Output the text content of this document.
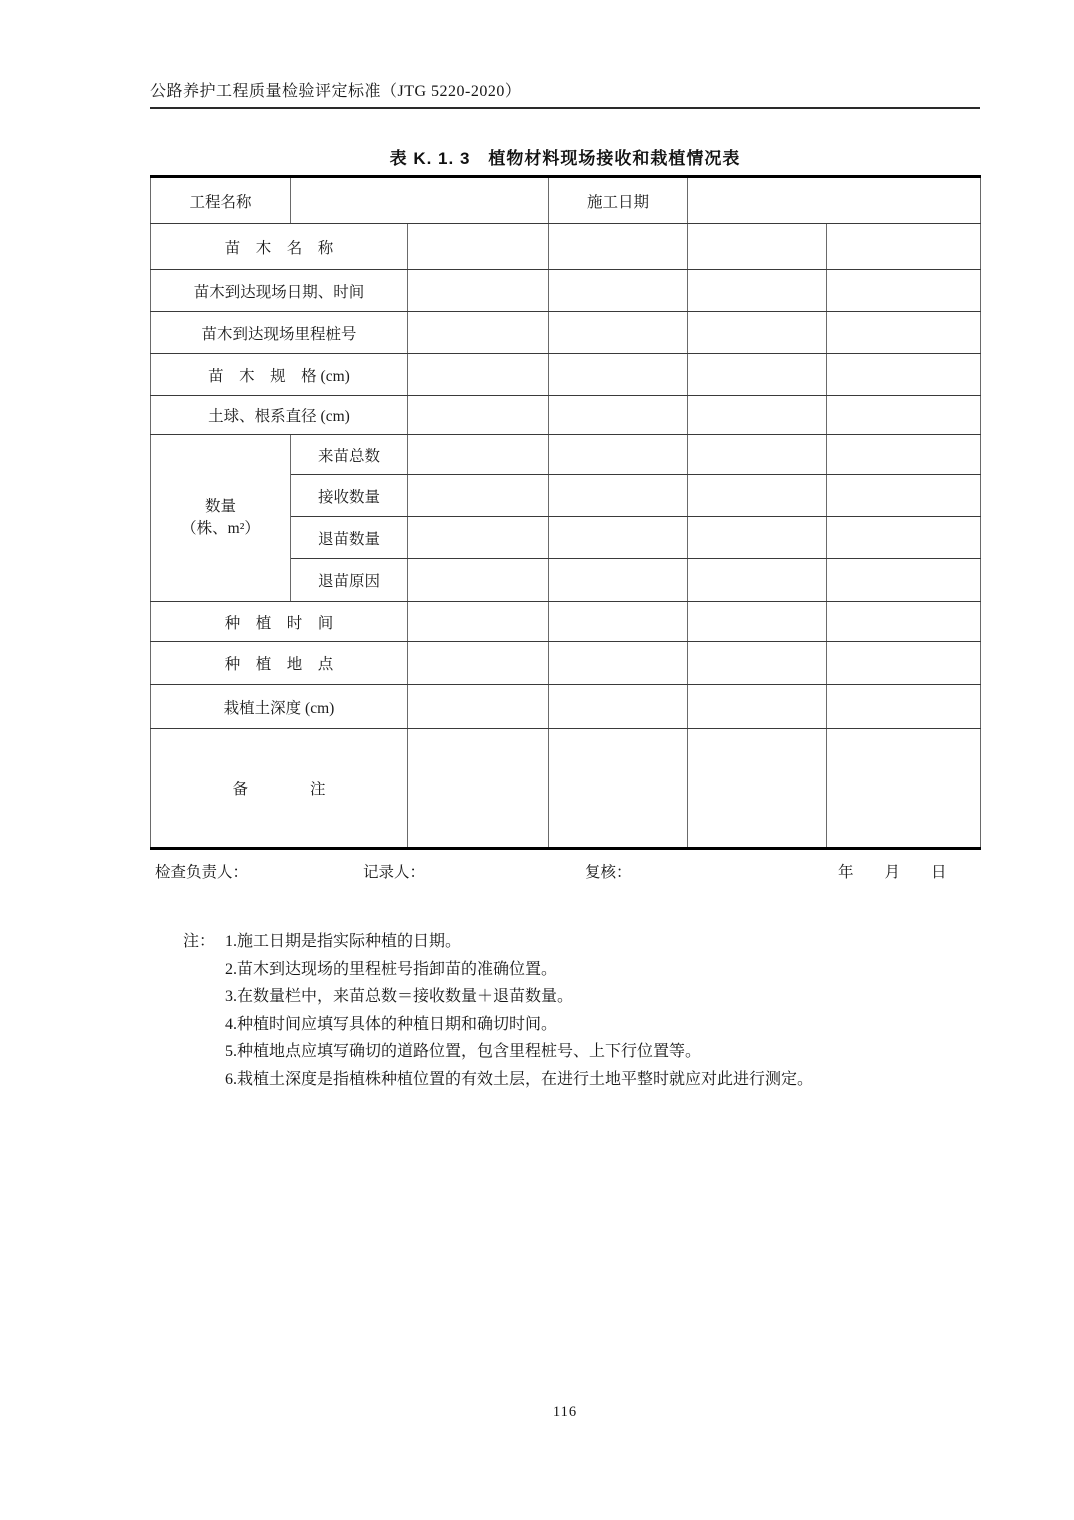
公路养护工程质量检验评定标准（JTG 5220-2020）
表 K. 1. 3　植物材料现场接收和栽植情况表
工程名称			施工日期		
苗　木　名　称					
苗木到达现场日期、时间					
苗木到达现场里程桩号					
苗　木　规　格 (cm)					
土球、根系直径 (cm)					

数量
（株、m²）	来苗总数				
	接收数量				
	退苗数量				
	退苗原因				
种　植　时　间					
种　植　地　点					
栽植土深度 (cm)					
备　　　　注					
检查负责人：	记录人：	复核：	年　　月　　日
注： 1.施工日期是指实际种植的日期。
2.苗木到达现场的里程桩号指卸苗的准确位置。
3.在数量栏中，来苗总数＝接收数量＋退苗数量。
4.种植时间应填写具体的种植日期和确切时间。
5.种植地点应填写确切的道路位置，包含里程桩号、上下行位置等。
6.栽植土深度是指植株种植位置的有效土层，在进行土地平整时就应对此进行测定。
116
